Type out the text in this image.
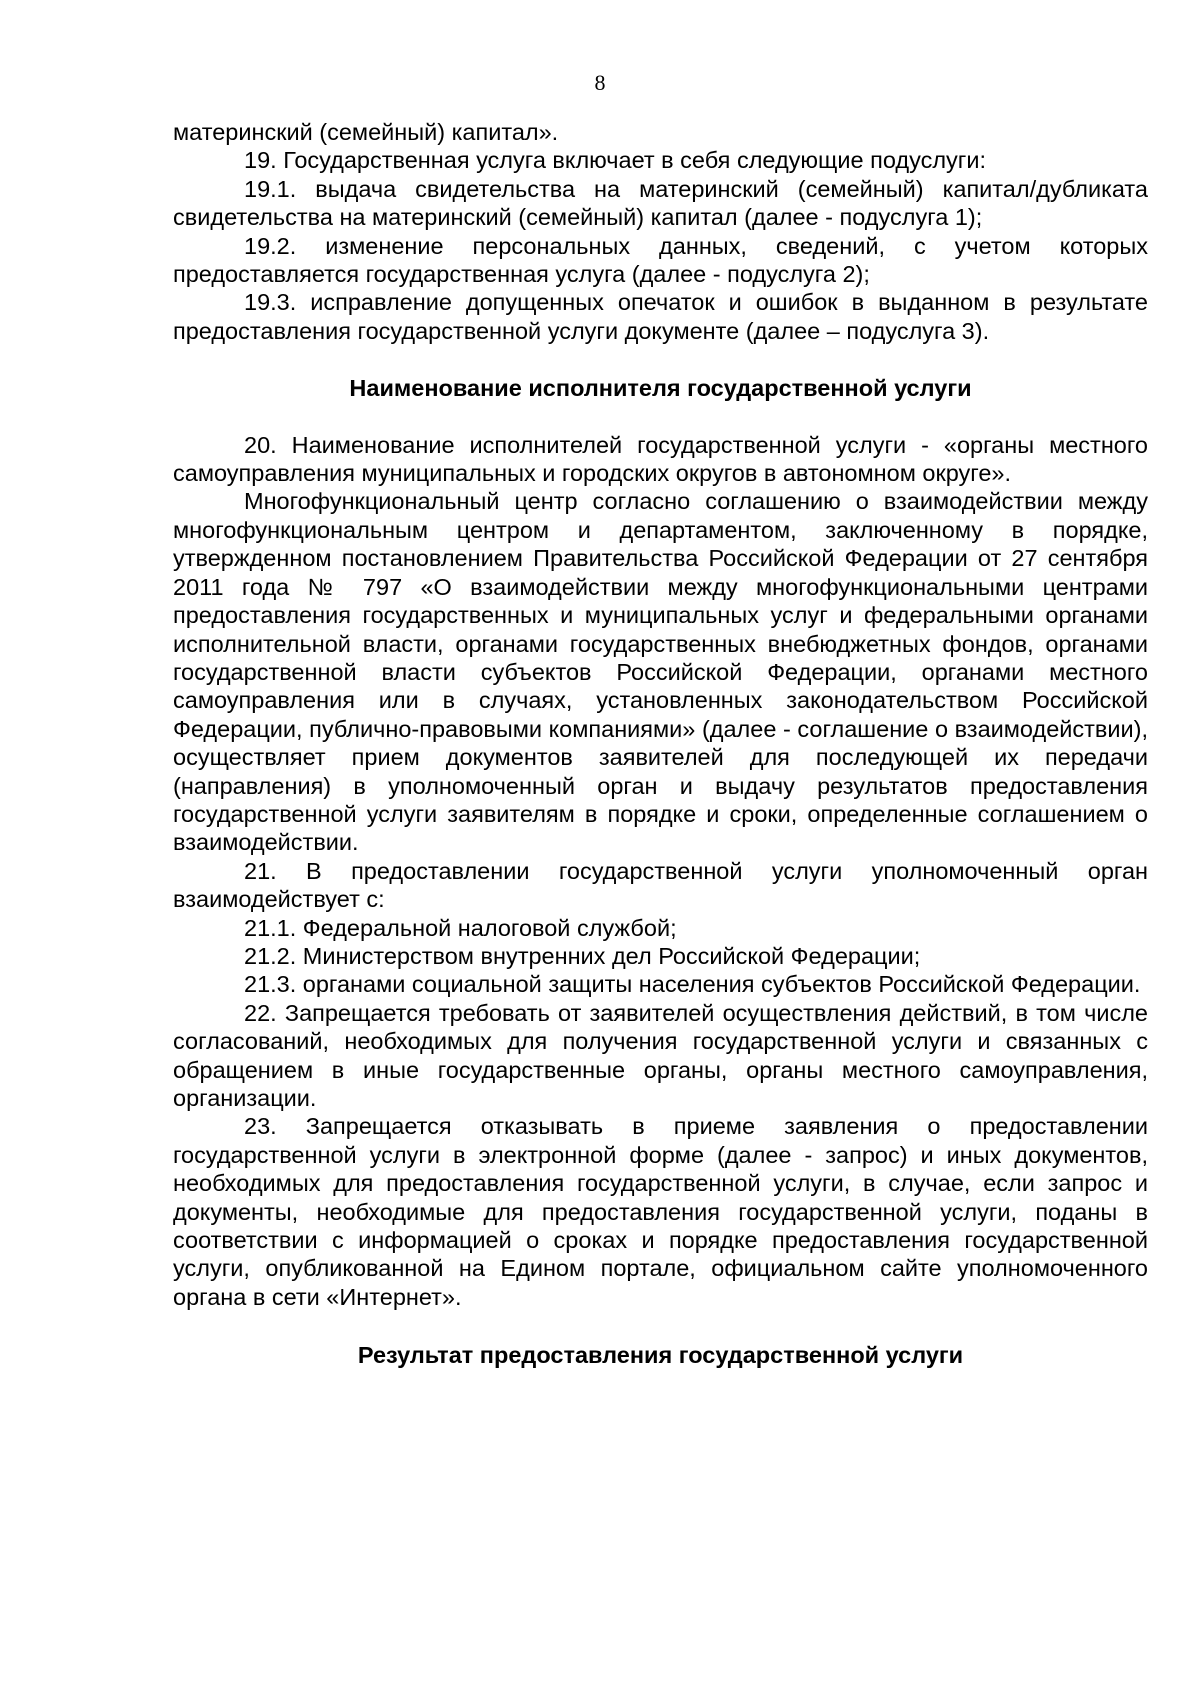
8

материнский (семейный) капитал».

19. Государственная услуга включает в себя следующие подуслуги:

19.1. выдача свидетельства на материнский (семейный) капитал/дубликата свидетельства на материнский (семейный) капитал (далее - подуслуга 1);

19.2. изменение персональных данных, сведений, с учетом которых предоставляется государственная услуга (далее - подуслуга 2);

19.3. исправление допущенных опечаток и ошибок в выданном в результате предоставления государственной услуги документе (далее – подуслуга 3).

Наименование исполнителя государственной услуги

20. Наименование исполнителей государственной услуги - «органы местного самоуправления муниципальных и городских округов в автономном округе».

Многофункциональный центр согласно соглашению о взаимодействии между многофункциональным центром и департаментом, заключенному в порядке, утвержденном постановлением Правительства Российской Федерации от 27 сентября 2011 года № 797 «О взаимодействии между многофункциональными центрами предоставления государственных и муниципальных услуг и федеральными органами исполнительной власти, органами государственных внебюджетных фондов, органами государственной власти субъектов Российской Федерации, органами местного самоуправления или в случаях, установленных законодательством Российской Федерации, публично-правовыми компаниями» (далее - соглашение о взаимодействии), осуществляет прием документов заявителей для последующей их передачи (направления) в уполномоченный орган и выдачу результатов предоставления государственной услуги заявителям в порядке и сроки, определенные соглашением о взаимодействии.

21. В предоставлении государственной услуги уполномоченный орган взаимодействует с:

21.1. Федеральной налоговой службой;

21.2. Министерством внутренних дел Российской Федерации;

21.3. органами социальной защиты населения субъектов Российской Федерации.

22. Запрещается требовать от заявителей осуществления действий, в том числе согласований, необходимых для получения государственной услуги и связанных с обращением в иные государственные органы, органы местного самоуправления, организации.

23. Запрещается отказывать в приеме заявления о предоставлении государственной услуги в электронной форме (далее - запрос) и иных документов, необходимых для предоставления государственной услуги, в случае, если запрос и документы, необходимые для предоставления государственной услуги, поданы в соответствии с информацией о сроках и порядке предоставления государственной услуги, опубликованной на Едином портале, официальном сайте уполномоченного органа в сети «Интернет».

Результат предоставления государственной услуги
